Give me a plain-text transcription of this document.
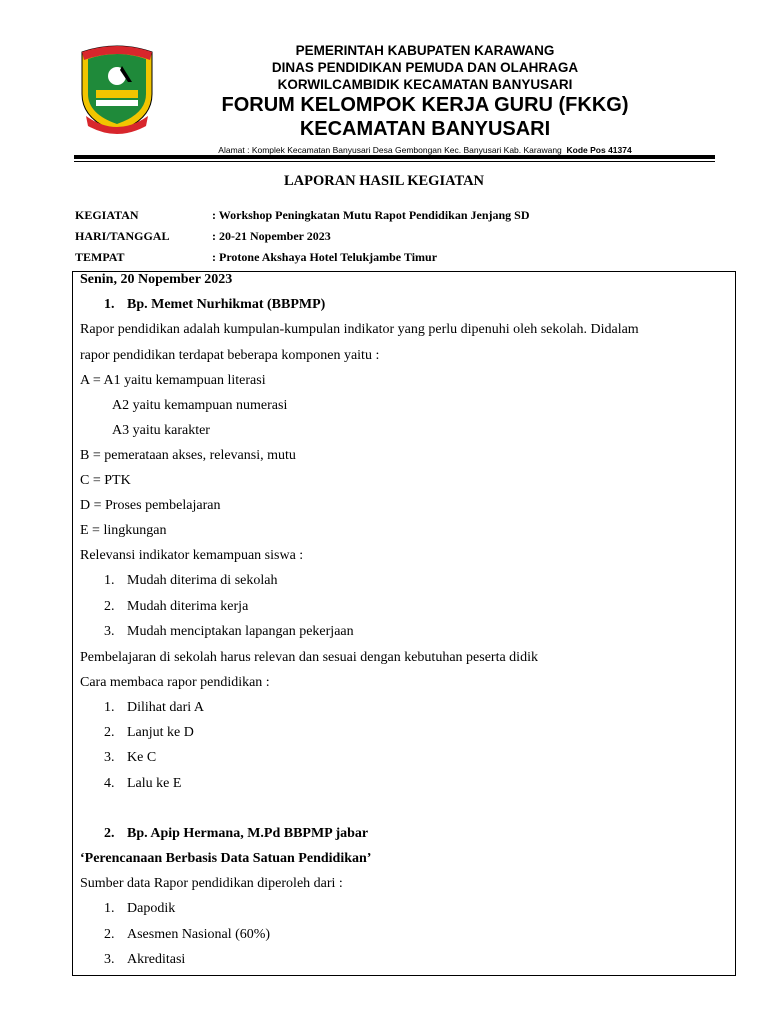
PEMERINTAH KABUPATEN KARAWANG
DINAS PENDIDIKAN PEMUDA DAN OLAHRAGA
KORWILCAMBIDIK KECAMATAN BANYUSARI
FORUM KELOMPOK KERJA GURU (FKKG)
KECAMATAN BANYUSARI
Alamat : Komplek Kecamatan Banyusari Desa Gembongan Kec. Banyusari Kab. Karawang Kode Pos 41374
LAPORAN HASIL KEGIATAN
KEGIATAN	: Workshop Peningkatan Mutu Rapot Pendidikan Jenjang SD
HARI/TANGGAL	: 20-21 Nopember 2023
TEMPAT	: Protone Akshaya Hotel Telukjambe Timur
Senin, 20 Nopember 2023
1. Bp. Memet Nurhikmat (BBPMP)
Rapor pendidikan adalah kumpulan-kumpulan indikator yang perlu dipenuhi oleh sekolah. Didalam
rapor pendidikan terdapat beberapa komponen yaitu :
A = A1 yaitu kemampuan literasi
A2 yaitu kemampuan numerasi
A3 yaitu karakter
B = pemerataan akses, relevansi, mutu
C = PTK
D = Proses pembelajaran
E = lingkungan
Relevansi indikator kemampuan siswa :
1. Mudah diterima di sekolah
2. Mudah diterima kerja
3. Mudah menciptakan lapangan pekerjaan
Pembelajaran di sekolah harus relevan dan sesuai dengan kebutuhan peserta didik
Cara membaca rapor pendidikan :
1. Dilihat dari A
2. Lanjut ke D
3. Ke C
4. Lalu ke E
2. Bp. Apip Hermana, M.Pd BBPMP jabar
‘Perencanaan Berbasis Data Satuan Pendidikan’
Sumber data Rapor pendidikan diperoleh dari :
1. Dapodik
2. Asesmen Nasional (60%)
3. Akreditasi
